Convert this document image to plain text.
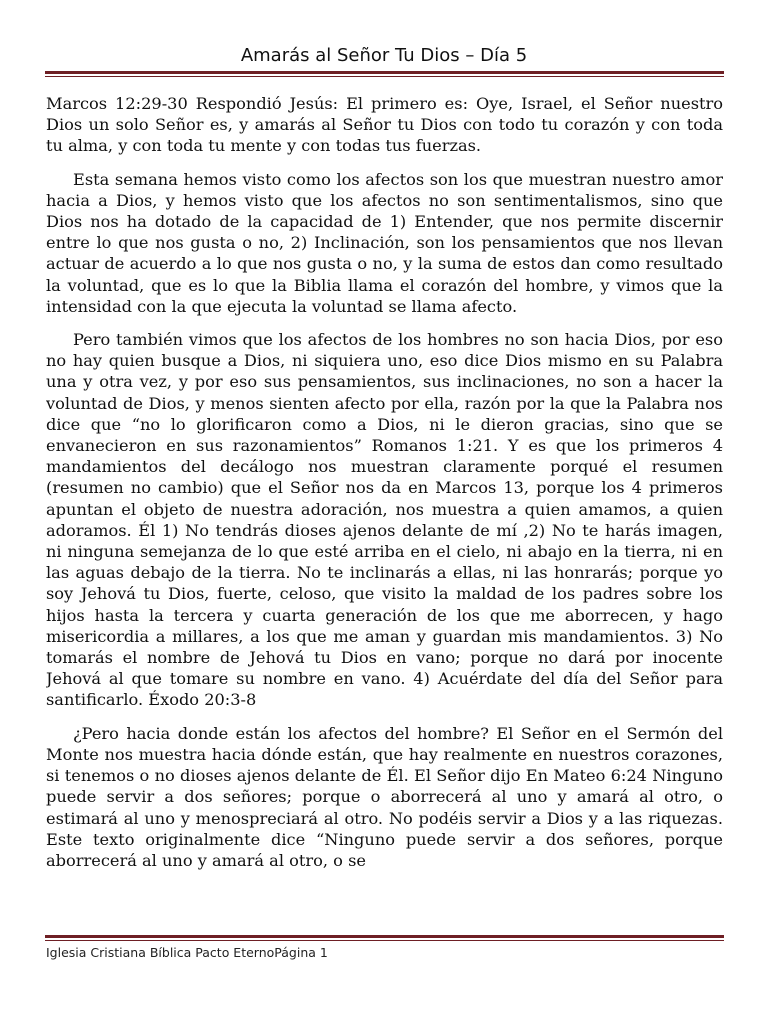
Amarás al Señor Tu Dios – Día 5

Marcos 12:29-30 Respondió Jesús: El primero es: Oye, Israel, el Señor nuestro Dios un solo Señor es, y amarás al Señor tu Dios con todo tu corazón y con toda tu alma, y con toda tu mente y con todas tus fuerzas.

Esta semana hemos visto como los afectos son los que muestran nuestro amor hacia a Dios, y hemos visto que los afectos no son sentimentalismos, sino que Dios nos ha dotado de la capacidad de 1) Entender, que nos permite discernir entre lo que nos gusta o no, 2) Inclinación, son los pensamientos que nos llevan actuar de acuerdo a lo que nos gusta o no, y la suma de estos dan como resultado la voluntad, que es lo que la Biblia llama el corazón del hombre, y vimos que la intensidad con la que ejecuta la voluntad se llama afecto.

Pero también vimos que los afectos de los hombres no son hacia Dios, por eso no hay quien busque a Dios, ni siquiera uno, eso dice Dios mismo en su Palabra una y otra vez, y por eso sus pensamientos, sus inclinaciones, no son a hacer la voluntad de Dios, y menos sienten afecto por ella, razón por la que la Palabra nos dice que “no lo glorificaron como a Dios, ni le dieron gracias, sino que se envanecieron en sus razonamientos” Romanos 1:21. Y es que los primeros 4 mandamientos del decálogo nos muestran claramente porqué el resumen (resumen no cambio) que el Señor nos da en Marcos 13, porque los 4 primeros apuntan el objeto de nuestra adoración, nos muestra a quien amamos, a quien adoramos. Él 1) No tendrás dioses ajenos delante de mí ,2) No te harás imagen, ni ninguna semejanza de lo que esté arriba en el cielo, ni abajo en la tierra, ni en las aguas debajo de la tierra. No te inclinarás a ellas, ni las honrarás; porque yo soy Jehová tu Dios, fuerte, celoso, que visito la maldad de los padres sobre los hijos hasta la tercera y cuarta generación de los que me aborrecen, y hago misericordia a millares, a los que me aman y guardan mis mandamientos. 3) No tomarás el nombre de Jehová tu Dios en vano; porque no dará por inocente Jehová al que tomare su nombre en vano. 4) Acuérdate del día del Señor para santificarlo. Éxodo 20:3-8

¿Pero hacia donde están los afectos del hombre? El Señor en el Sermón del Monte nos muestra hacia dónde están, que hay realmente en nuestros corazones, si tenemos o no dioses ajenos delante de Él. El Señor dijo En Mateo 6:24 Ninguno puede servir a dos señores; porque o aborrecerá al uno y amará al otro, o estimará al uno y menospreciará al otro. No podéis servir a Dios y a las riquezas. Este texto originalmente dice “Ninguno puede servir a dos señores, porque aborrecerá al uno y amará al otro, o se

Iglesia Cristiana Bíblica Pacto EternoPágina 1
